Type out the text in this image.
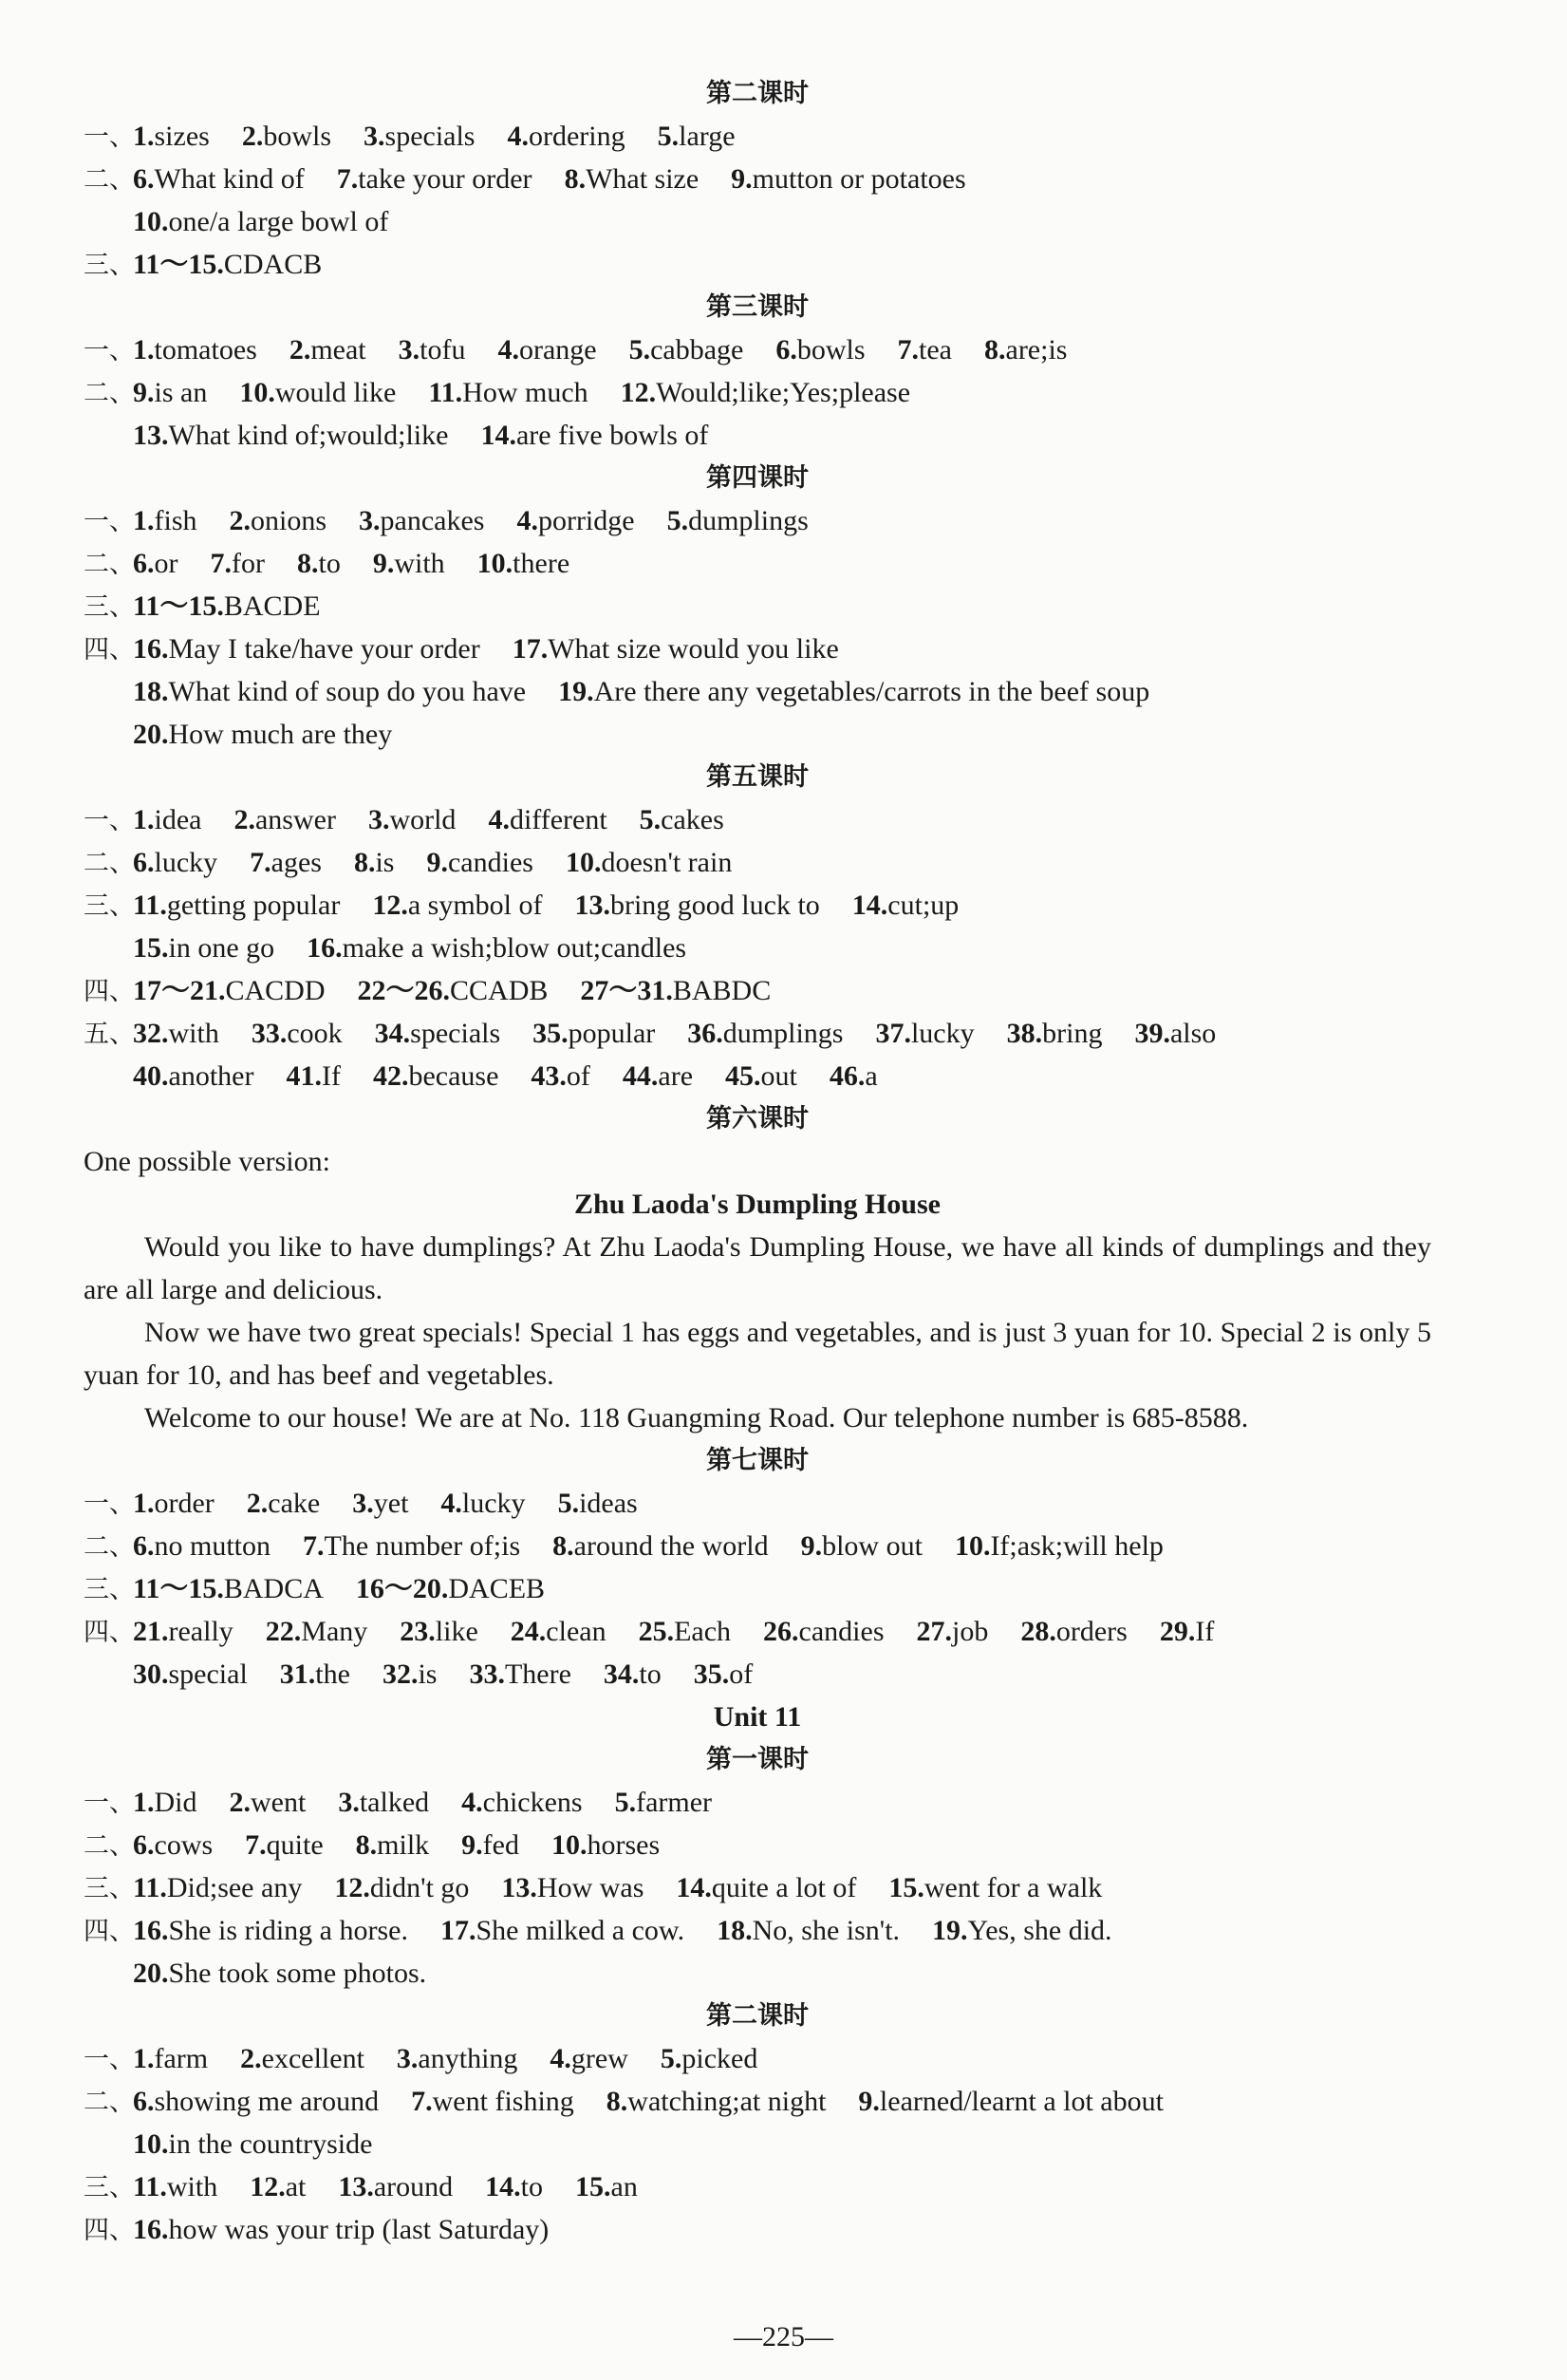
第二课时
一、1.sizes 2.bowls 3.specials 4.ordering 5.large
二、6.What kind of 7.take your order 8.What size 9.mutton or potatoes
10.one/a large bowl of
三、11～15.CDACB
第三课时
一、1.tomatoes 2.meat 3.tofu 4.orange 5.cabbage 6.bowls 7.tea 8.are;is
二、9.is an 10.would like 11.How much 12.Would;like;Yes;please
13.What kind of;would;like 14.are five bowls of
第四课时
一、1.fish 2.onions 3.pancakes 4.porridge 5.dumplings
二、6.or 7.for 8.to 9.with 10.there
三、11～15.BACDE
四、16.May I take/have your order 17.What size would you like
18.What kind of soup do you have 19.Are there any vegetables/carrots in the beef soup
20.How much are they
第五课时
一、1.idea 2.answer 3.world 4.different 5.cakes
二、6.lucky 7.ages 8.is 9.candies 10.doesn't rain
三、11.getting popular 12.a symbol of 13.bring good luck to 14.cut;up
15.in one go 16.make a wish;blow out;candles
四、17～21.CACDD 22～26.CCADB 27～31.BABDC
五、32.with 33.cook 34.specials 35.popular 36.dumplings 37.lucky 38.bring 39.also
40.another 41.If 42.because 43.of 44.are 45.out 46.a
第六课时
One possible version:
Zhu Laoda's Dumpling House

Would you like to have dumplings? At Zhu Laoda's Dumpling House, we have all kinds of dumplings and they are all large and delicious.

Now we have two great specials! Special 1 has eggs and vegetables, and is just 3 yuan for 10. Special 2 is only 5 yuan for 10, and has beef and vegetables.

Welcome to our house! We are at No. 118 Guangming Road. Our telephone number is 685-8588.

第七课时
一、1.order 2.cake 3.yet 4.lucky 5.ideas
二、6.no mutton 7.The number of;is 8.around the world 9.blow out 10.If;ask;will help
三、11～15.BADCA 16～20.DACEB
四、21.really 22.Many 23.like 24.clean 25.Each 26.candies 27.job 28.orders 29.If
30.special 31.the 32.is 33.There 34.to 35.of
Unit 11
第一课时
一、1.Did 2.went 3.talked 4.chickens 5.farmer
二、6.cows 7.quite 8.milk 9.fed 10.horses
三、11.Did;see any 12.didn't go 13.How was 14.quite a lot of 15.went for a walk
四、16.She is riding a horse. 17.She milked a cow. 18.No, she isn't. 19.Yes, she did.
20.She took some photos.
第二课时
一、1.farm 2.excellent 3.anything 4.grew 5.picked
二、6.showing me around 7.went fishing 8.watching;at night 9.learned/learnt a lot about
10.in the countryside
三、11.with 12.at 13.around 14.to 15.an
四、16.how was your trip (last Saturday)
—225—
